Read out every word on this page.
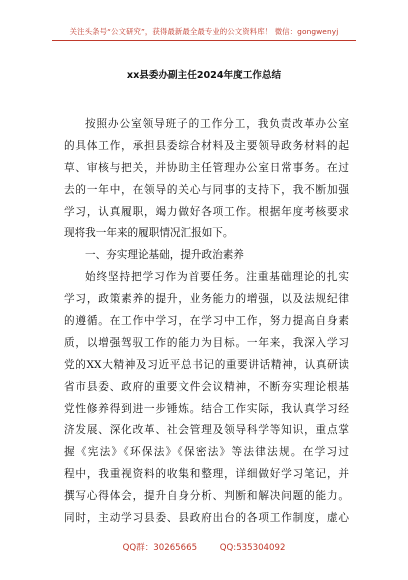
关注头条号“公文研究”，获得最新最全最专业的公文资料库！ 微信：gongwenyj
xx县委办副主任2024年度工作总结
按照办公室领导班子的工作分工，我负责改革办公室
的具体工作，承担县委综合材料及主要领导政务材料的起
草、审核与把关，并协助主任管理办公室日常事务。在过
去的一年中，在领导的关心与同事的支持下，我不断加强
学习，认真履职，竭力做好各项工作。根据年度考核要求
现将我一年来的履职情况汇报如下。
一、夯实理论基础，提升政治素养
始终坚持把学习作为首要任务。注重基础理论的扎实
学习，政策素养的提升，业务能力的增强，以及法规纪律
的遵循。在工作中学习，在学习中工作，努力提高自身素
质，以增强驾驭工作的能力为目标。一年来，我深入学习
党的XX大精神及习近平总书记的重要讲话精神，认真研读
省市县委、政府的重要文件会议精神，不断夯实理论根基
党性修养得到进一步锤炼。结合工作实际，我认真学习经
济发展、深化改革、社会管理及领导科学等知识，重点掌
握《宪法》《环保法》《保密法》等法律法规。在学习过
程中，我重视资料的收集和整理，详细做好学习笔记，并
撰写心得体会，提升自身分析、判断和解决问题的能力。
同时，主动学习县委、县政府出台的各项工作制度，虚心
QQ群：30265665	QQ:535304092
